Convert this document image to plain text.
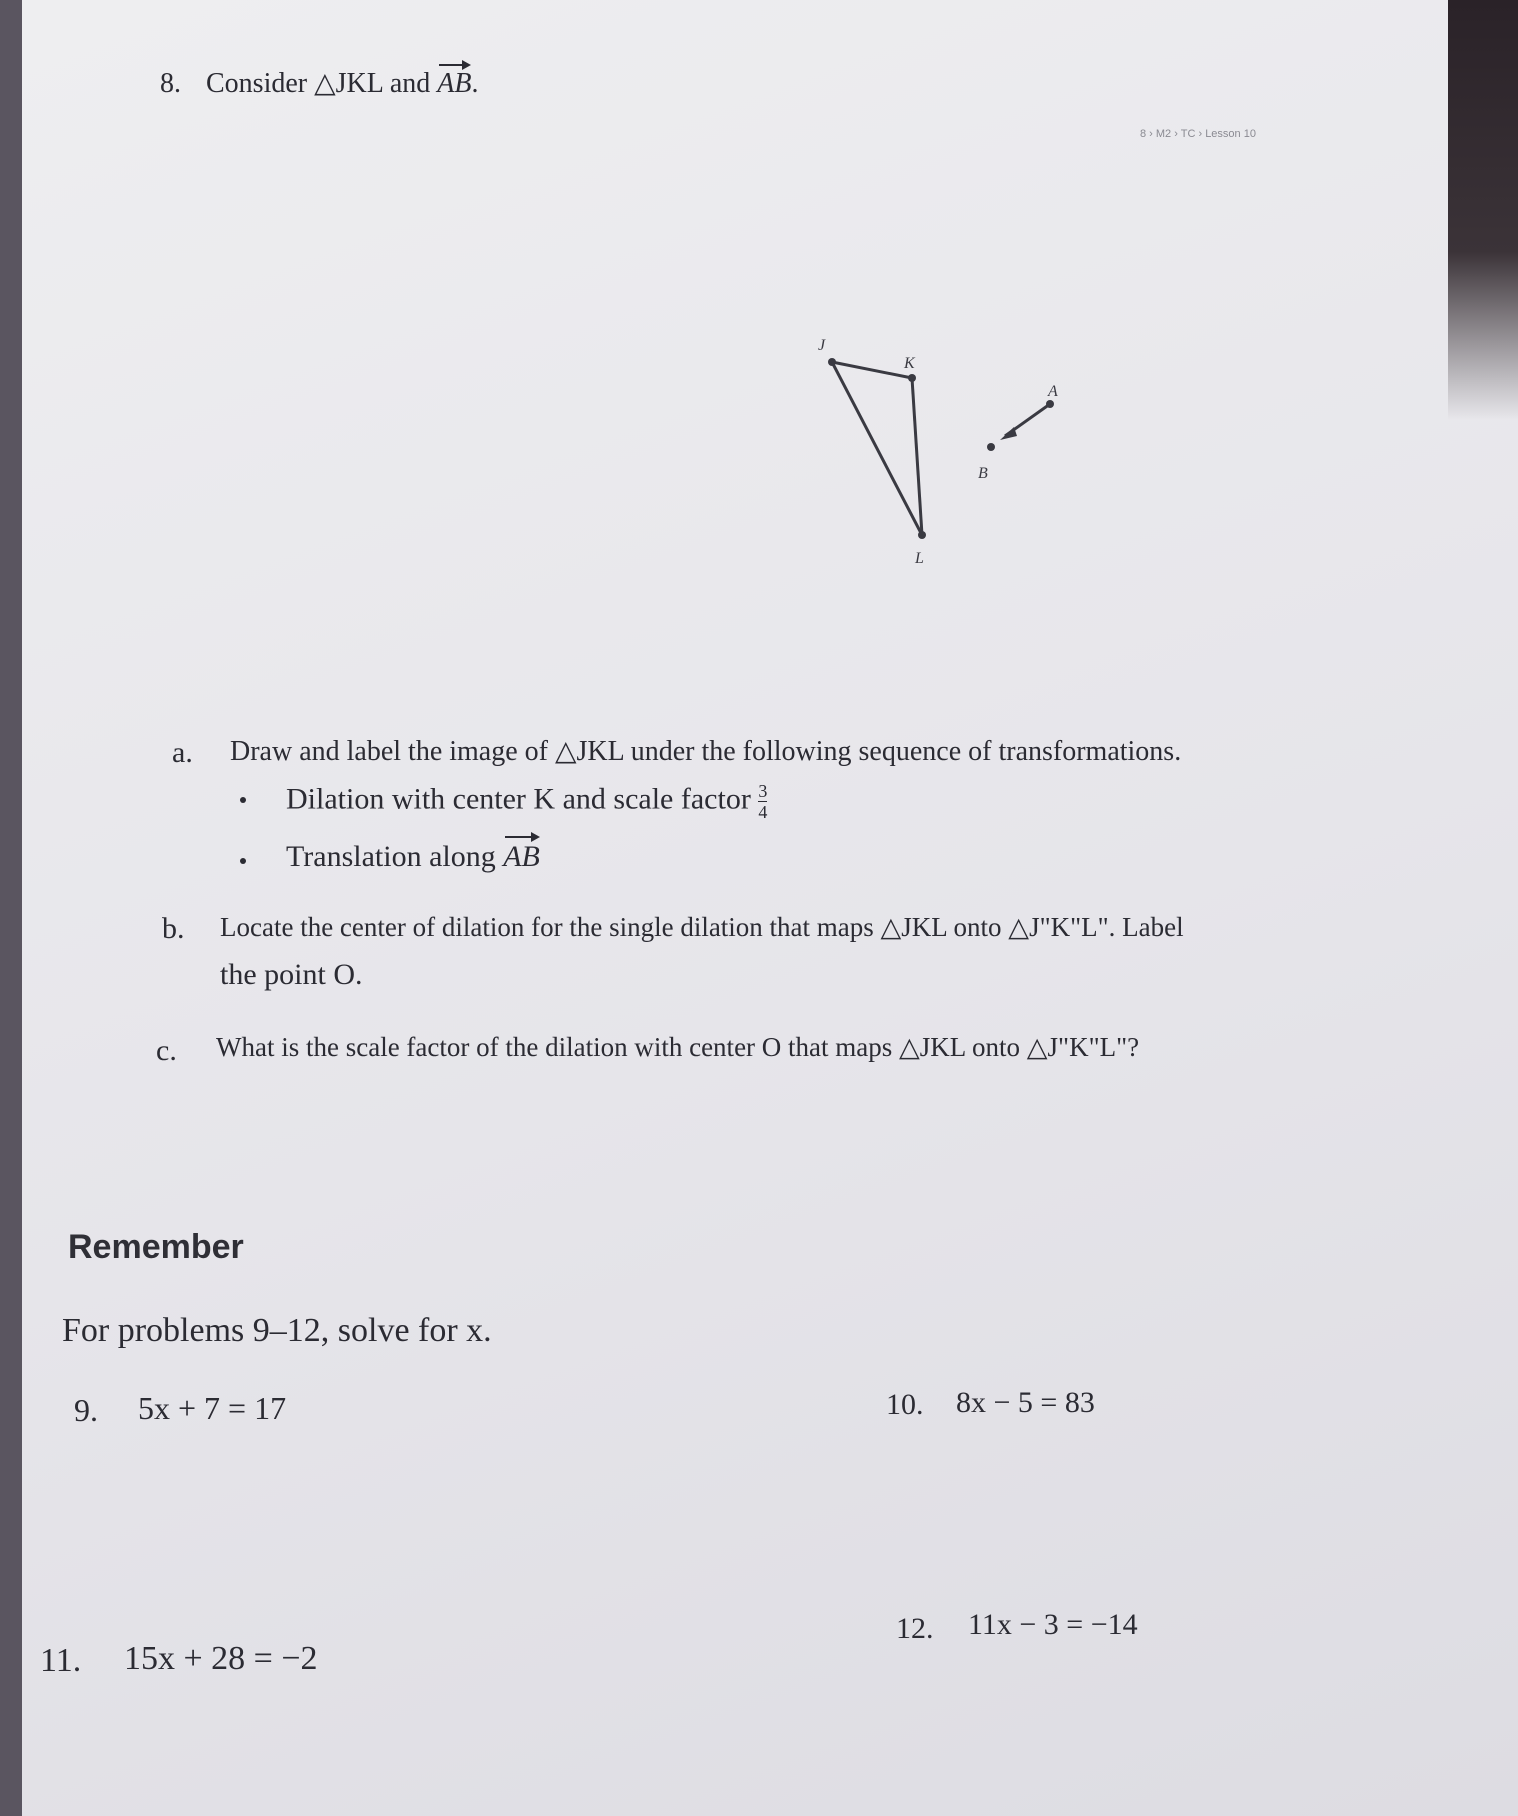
8 › M2 › TC › Lesson 10
8. Consider △JKL and AB.
J
K
A
B
L
a. Draw and label the image of △JKL under the following sequence of transformations.
Dilation with center K and scale factor $\frac{3}{4}$
Translation along AB
b. Locate the center of dilation for the single dilation that maps △JKL onto △J"K"L". Label
the point O.
c. What is the scale factor of the dilation with center O that maps △JKL onto △J"K"L"?
Remember
For problems 9–12, solve for x.
9. 5x + 7 = 17	10. 8x − 5 = 83
11. 15x + 28 = −2
12. 11x − 3 = −14
